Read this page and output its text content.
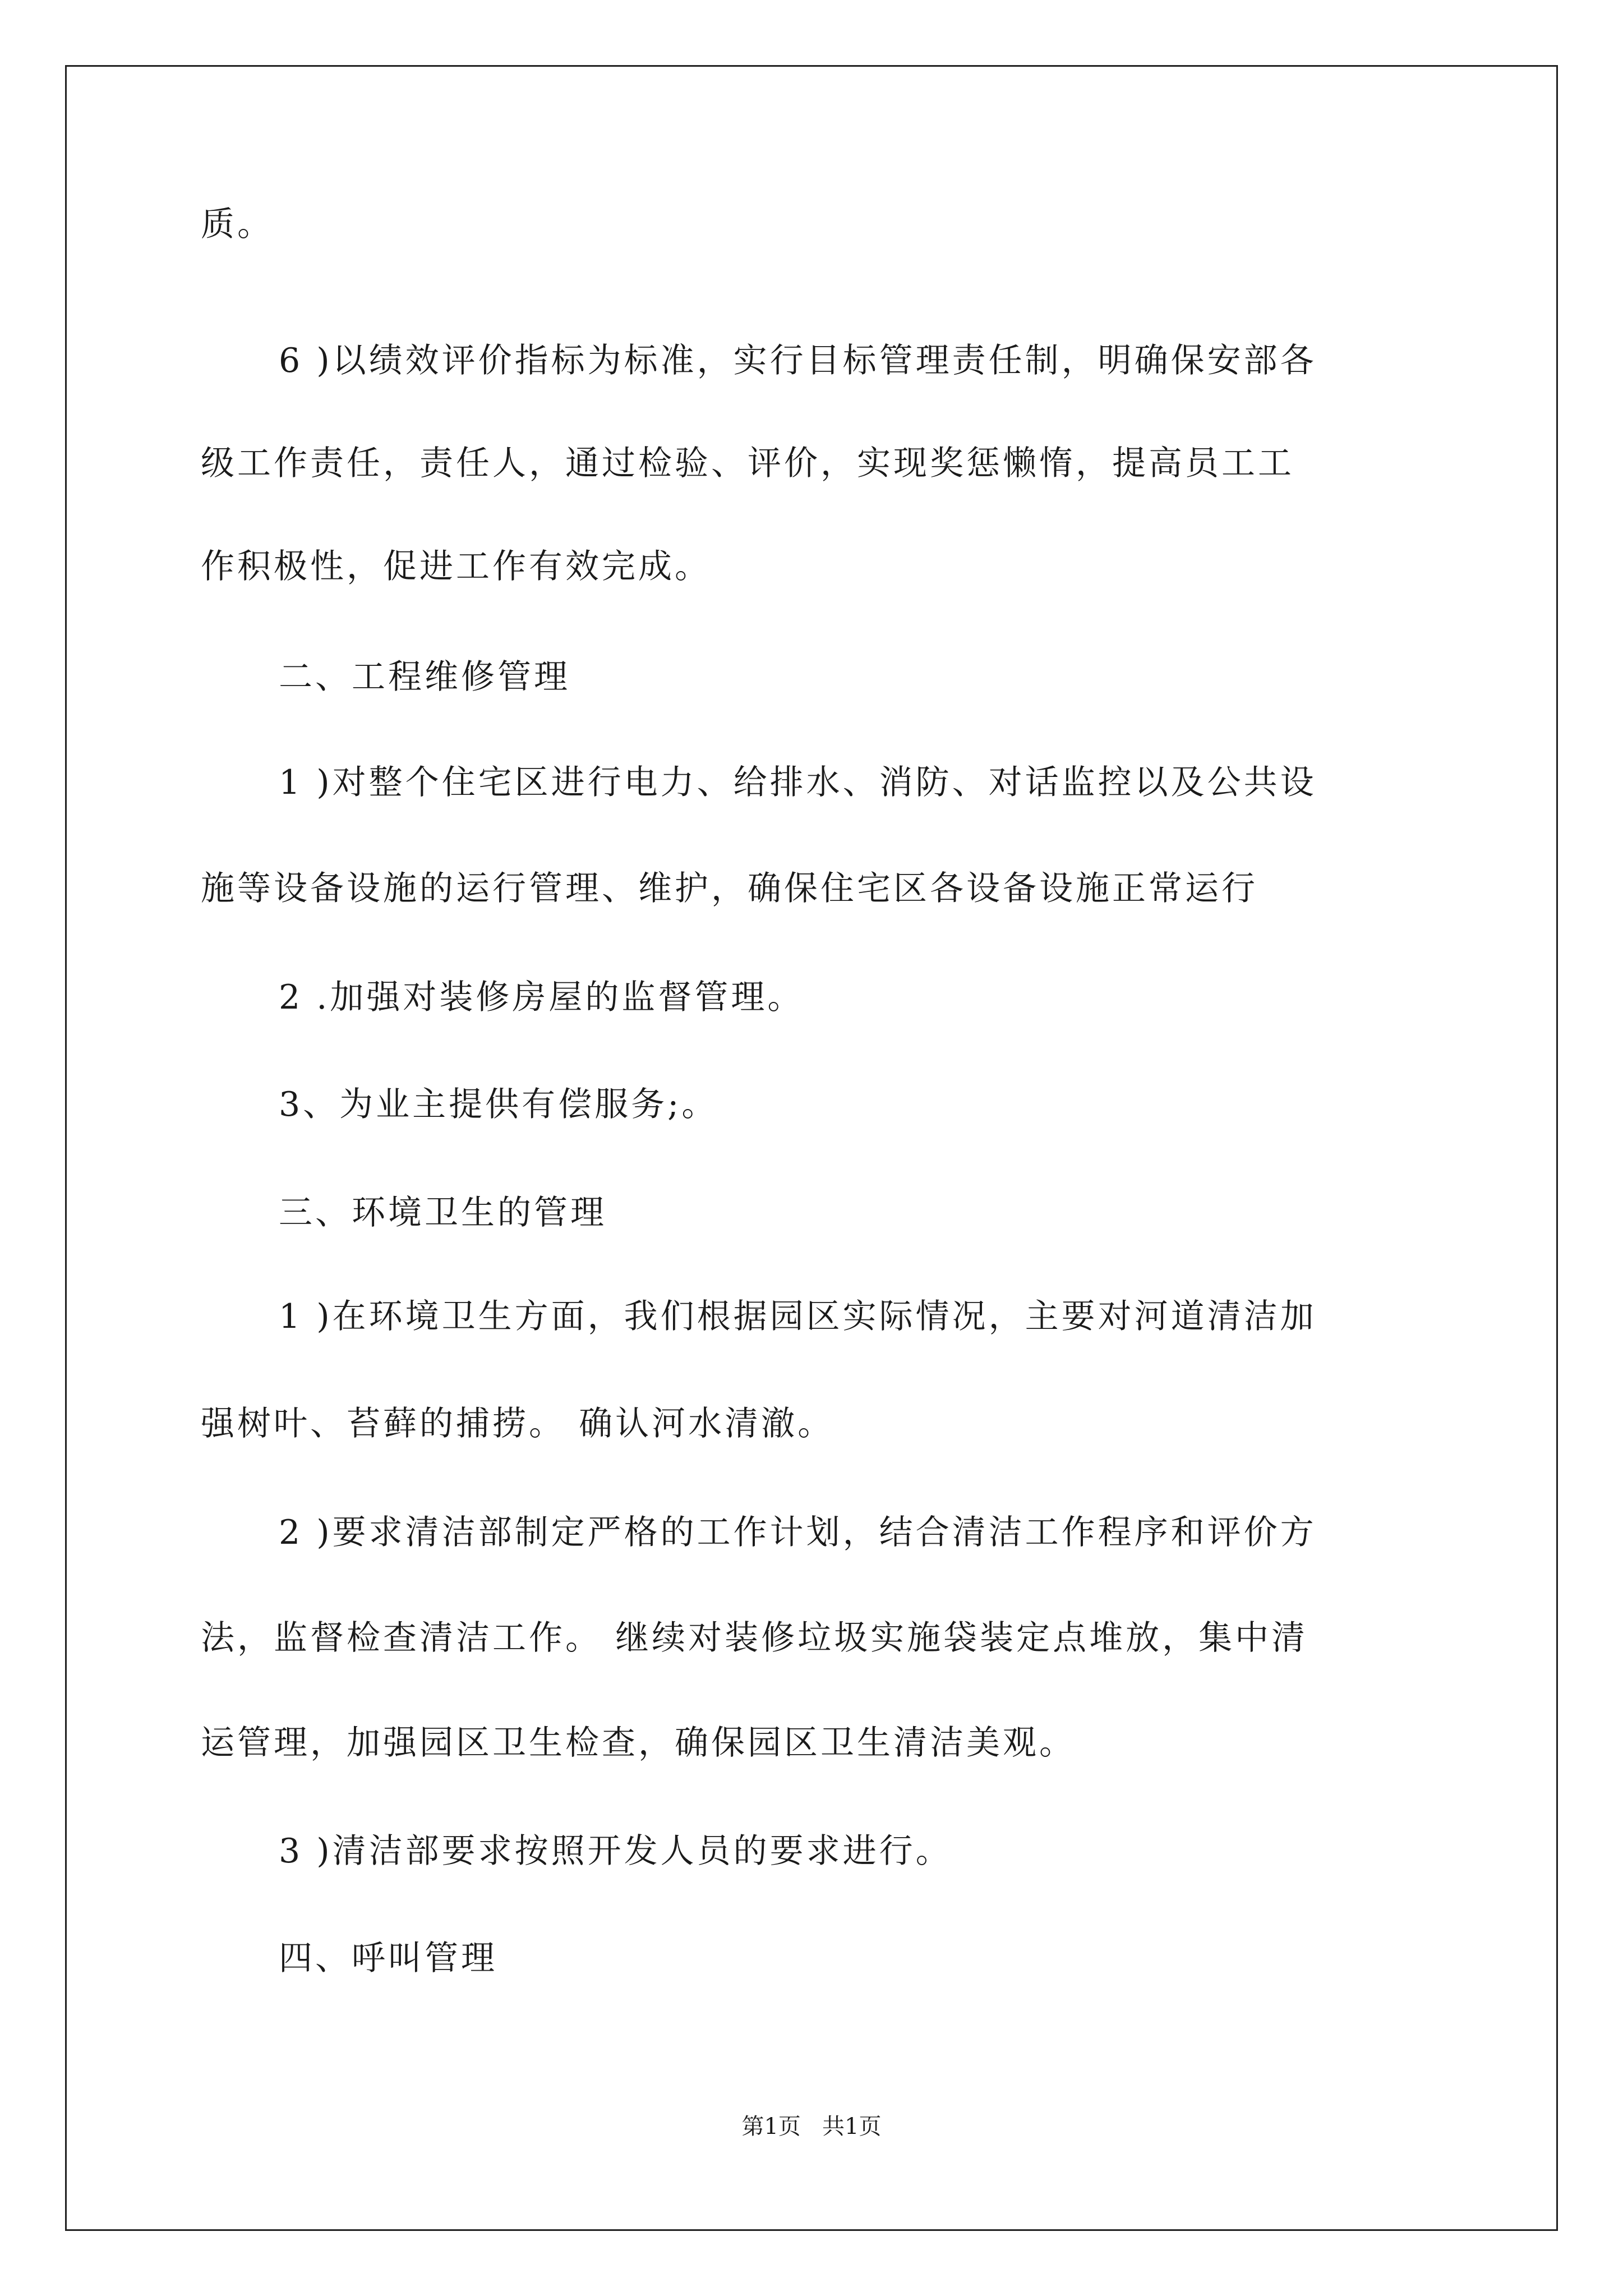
质。
6 )以绩效评价指标为标准，实行目标管理责任制，明确保安部各
级工作责任，责任人，通过检验、评价，实现奖惩懒惰，提高员工工
作积极性，促进工作有效完成。
二、工程维修管理
1 )对整个住宅区进行电力、给排水、消防、对话监控以及公共设
施等设备设施的运行管理、维护，确保住宅区各设备设施正常运行
2 .加强对装修房屋的监督管理。
3、为业主提供有偿服务;。
三、环境卫生的管理
1 )在环境卫生方面，我们根据园区实际情况，主要对河道清洁加
强树叶、苔藓的捕捞。 确认河水清澈。
2 )要求清洁部制定严格的工作计划，结合清洁工作程序和评价方
法，监督检查清洁工作。 继续对装修垃圾实施袋装定点堆放，集中清
运管理，加强园区卫生检查，确保园区卫生清洁美观。
3 )清洁部要求按照开发人员的要求进行。
四、呼叫管理
第1页   共1页
